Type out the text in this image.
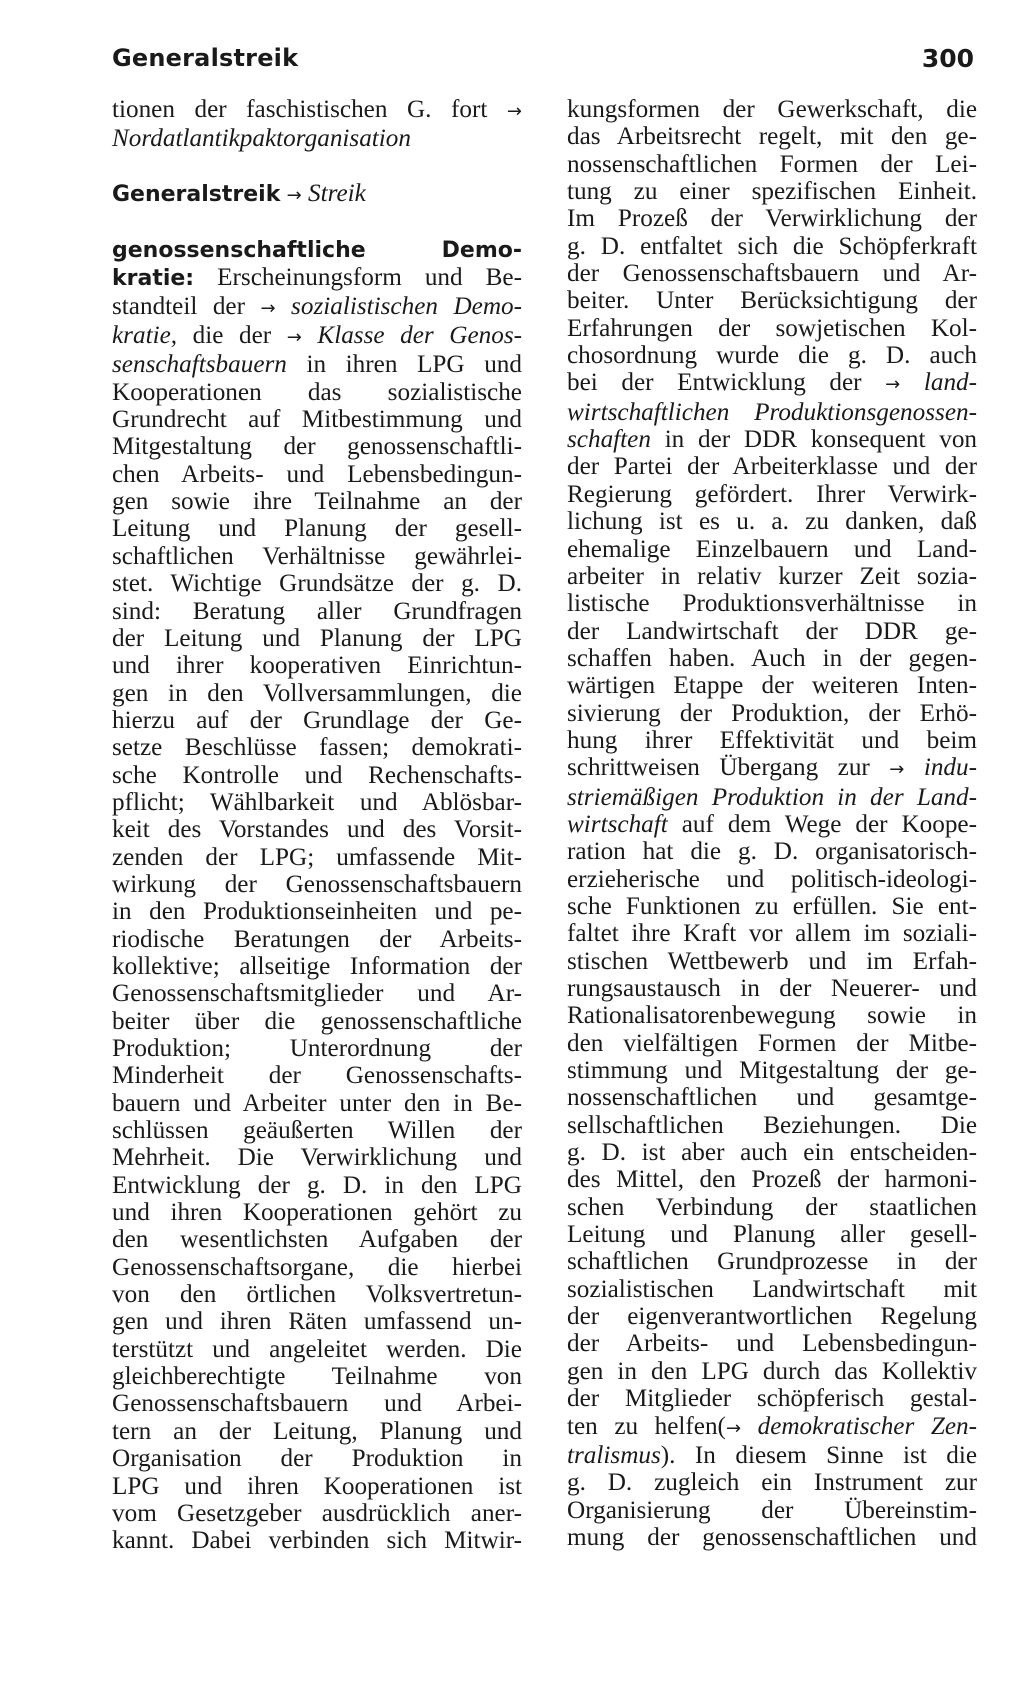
Generalstreik	300
tionen der faschistischen G. fort →
Nordatlantikpaktorganisation
Generalstreik → Streik
genossenschaftliche Demo-
kratie: Erscheinungsform und Be-
standteil der → sozialistischen Demo-
kratie, die der → Klasse der Genos-
senschaftsbauern in ihren LPG und
Kooperationen das sozialistische
Grundrecht auf Mitbestimmung und
Mitgestaltung der genossenschaftli-
chen Arbeits- und Lebensbedingun-
gen sowie ihre Teilnahme an der
Leitung und Planung der gesell-
schaftlichen Verhältnisse gewährlei-
stet. Wichtige Grundsätze der g. D.
sind: Beratung aller Grundfragen
der Leitung und Planung der LPG
und ihrer kooperativen Einrichtun-
gen in den Vollversammlungen, die
hierzu auf der Grundlage der Ge-
setze Beschlüsse fassen; demokrati-
sche Kontrolle und Rechenschafts-
pflicht; Wählbarkeit und Ablösbar-
keit des Vorstandes und des Vorsit-
zenden der LPG; umfassende Mit-
wirkung der Genossenschaftsbauern
in den Produktionseinheiten und pe-
riodische Beratungen der Arbeits-
kollektive; allseitige Information der
Genossenschaftsmitglieder und Ar-
beiter über die genossenschaftliche
Produktion; Unterordnung der
Minderheit der Genossenschafts-
bauern und Arbeiter unter den in Be-
schlüssen geäußerten Willen der
Mehrheit. Die Verwirklichung und
Entwicklung der g. D. in den LPG
und ihren Kooperationen gehört zu
den wesentlichsten Aufgaben der
Genossenschaftsorgane, die hierbei
von den örtlichen Volksvertretun-
gen und ihren Räten umfassend un-
terstützt und angeleitet werden. Die
gleichberechtigte Teilnahme von
Genossenschaftsbauern und Arbei-
tern an der Leitung, Planung und
Organisation der Produktion in
LPG und ihren Kooperationen ist
vom Gesetzgeber ausdrücklich aner-
kannt. Dabei verbinden sich Mitwir-
kungsformen der Gewerkschaft, die
das Arbeitsrecht regelt, mit den ge-
nossenschaftlichen Formen der Lei-
tung zu einer spezifischen Einheit.
Im Prozeß der Verwirklichung der
g. D. entfaltet sich die Schöpferkraft
der Genossenschaftsbauern und Ar-
beiter. Unter Berücksichtigung der
Erfahrungen der sowjetischen Kol-
chosordnung wurde die g. D. auch
bei der Entwicklung der → land-
wirtschaftlichen Produktionsgenossen-
schaften in der DDR konsequent von
der Partei der Arbeiterklasse und der
Regierung gefördert. Ihrer Verwirk-
lichung ist es u. a. zu danken, daß
ehemalige Einzelbauern und Land-
arbeiter in relativ kurzer Zeit sozia-
listische Produktionsverhältnisse in
der Landwirtschaft der DDR ge-
schaffen haben. Auch in der gegen-
wärtigen Etappe der weiteren Inten-
sivierung der Produktion, der Erhö-
hung ihrer Effektivität und beim
schrittweisen Übergang zur → indu-
striemäßigen Produktion in der Land-
wirtschaft auf dem Wege der Koope-
ration hat die g. D. organisatorisch-
erzieherische und politisch-ideologi-
sche Funktionen zu erfüllen. Sie ent-
faltet ihre Kraft vor allem im soziali-
stischen Wettbewerb und im Erfah-
rungsaustausch in der Neuerer- und
Rationalisatorenbewegung sowie in
den vielfältigen Formen der Mitbe-
stimmung und Mitgestaltung der ge-
nossenschaftlichen und gesamtge-
sellschaftlichen Beziehungen. Die
g. D. ist aber auch ein entscheiden-
des Mittel, den Prozeß der harmoni-
schen Verbindung der staatlichen
Leitung und Planung aller gesell-
schaftlichen Grundprozesse in der
sozialistischen Landwirtschaft mit
der eigenverantwortlichen Regelung
der Arbeits- und Lebensbedingun-
gen in den LPG durch das Kollektiv
der Mitglieder schöpferisch gestal-
ten zu helfen(→ demokratischer Zen-
tralismus). In diesem Sinne ist die
g. D. zugleich ein Instrument zur
Organisierung der Übereinstim-
mung der genossenschaftlichen und
